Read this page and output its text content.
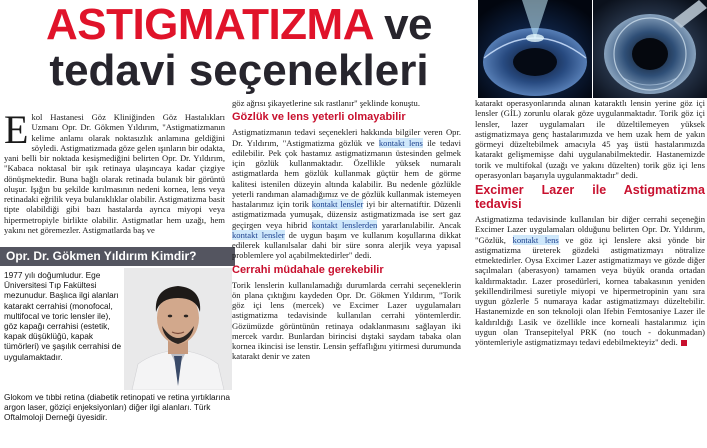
ASTIGMATIZMA ve
tedavi seçenekleri

Ekol Hastanesi Göz Kliniğinden Göz Hastalıkları Uzmanı Opr. Dr. Gökmen Yıldırım, "Astigmatizmanın kelime anlamı olarak noktasızlık anlamına geldiğini söyledi. Astigmatizmada göze gelen ışınların bir odakta, yani belli bir noktada kesişmediğini belirten Opr. Dr. Yıldırım, "Kabaca noktasal bir ışık retinaya ulaşıncaya kadar çizgiye dönüşmektedir. Buna bağlı olarak retinada bulanık bir görüntü oluşur. Işığın bu şekilde kırılmasının nedeni kornea, lens veya retinadaki eğrilik veya bulanıklıklar olabilir. Astigmatizma basit tipte olabildiği gibi bazı hastalarda ayrıca miyopi veya hipermetropiyle birlikte olabilir. Astigmatlar hem uzağı, hem yakını net göremezler. Astigmatlarda baş ve

Opr. Dr. Gökmen Yıldırım Kimdir?
1977 yılı doğumludur. Ege Üniversitesi Tıp Fakültesi mezunudur. Başlıca ilgi alanları katarakt cerrahisi (monofocal, multifocal ve toric lensler ile), göz kapağı cerrahisi (estetik, kapak düşüklüğü, kapak tümörleri) ve şaşılık cerrahisi de uygulamaktadır.
Glokom ve tıbbi retina (diabetik retinopati ve retina yırtıklarına argon laser, göziçi enjeksiyonları) diğer ilgi alanları. Türk Oftalmoloji Derneği üyesidir.

göz ağrısı şikayetlerine sık rastlanır" şeklinde konuştu.

Gözlük ve lens yeterli olmayabilir

Astigmatizmanın tedavi seçenekleri hakkında bilgiler veren Opr. Dr. Yıldırım, "Astigmatizma gözlük ve kontakt lens ile tedavi edilebilir. Pek çok hastamız astigmatizmanın üstesinden gelmek için gözlük kullanmaktadır. Özellikle yüksek numaralı astigmatlarda hem gözlük kullanmak güçtür hem de görme kalitesi istenilen düzeyin altında kalabilir. Bu nedenle gözlükle yeterli randıman alamadığımız ve de gözlük kullanmak istemeyen hastalarımız için torik kontakt lensler iyi bir alternatiftir. Düzenli astigmatizmada yumuşak, düzensiz astigmatizmada ise sert gaz geçirgen veya hibrid kontakt lenslerden yararlanılabilir. Ancak kontakt lensler de uygun başım ve kullanım koşullarına dikkat edilerek kullanılsalar dahi bir süre sonra alerjik veya yapısal problemlere yol açabilmektedirler" dedi.

Cerrahi müdahale gerekebilir

Torik lenslerin kullanılamadığı durumlarda cerrahi seçeneklerin ön plana çıktığını kaydeden Opr. Dr. Gökmen Yıldırım, "Torik göz içi lens (mercek) ve Excimer Lazer uygulamaları astigmatizma tedavisinde kullanılan cerrahi yöntemlerdir. Gözümüzde görüntünün retinaya odaklanmasını sağlayan iki mercek vardır. Bunlardan birincisi dıştaki saydam tabaka olan kornea ikincisi ise lenstir. Lensin şeffaflığını yitirmesi durumunda katarakt denir ve zaten

katarakt operasyonlarında alınan kataraktlı lensin yerine göz içi lensler (GİL) zorunlu olarak göze uygulanmaktadır. Torik göz içi lensler, lazer uygulamaları ile düzeltilemeyen yüksek astigmatizmaya genç hastalarımızda ve hem uzak hem de yakın görmeyi düzeltebilmek amacıyla 45 yaş üstü hastalarımızda katarakt gelişmemişse dahi uygulanabilmektedir. Hastanemizde torik ve multifokal (uzağı ve yakını düzelten) torik göz içi lens operasyonları başarıyla uygulanmaktadır" dedi.

Excimer Lazer ile Astigmatizma tedavisi

Astigmatizma tedavisinde kullanılan bir diğer cerrahi seçeneğin Excimer Lazer uygulamaları olduğunu belirten Opr. Dr. Yıldırım, "Gözlük, kontakt lens ve göz içi lenslere aksi yönde bir astigmatizma üreterek gözdeki astigmatizmayı nötralize etmektedirler. Oysa Excimer Lazer astigmatizmayı ve gözde diğer saçılmaları (aberasyon) tamamen veya büyük oranda ortadan kaldırmaktadır. Lazer prosedürleri, kornea tabakasının yeniden şekillendirilmesi suretiyle miyopi ve hipermetropinin yanı sıra uygun gözlerle 5 numaraya kadar astigmatizmayı düzeltebilir. Hastanemizde en son teknoloji olan Ifebin Femtosaniye Lazer ile kaldırıldığı Lasik ve özellikle ince korneali hastalarımız için uygun olan Transepitelyal PRK (no touch - dokunmadan) yöntemleriyle astigmatizmayı tedavi edebilmekteyiz" dedi.
